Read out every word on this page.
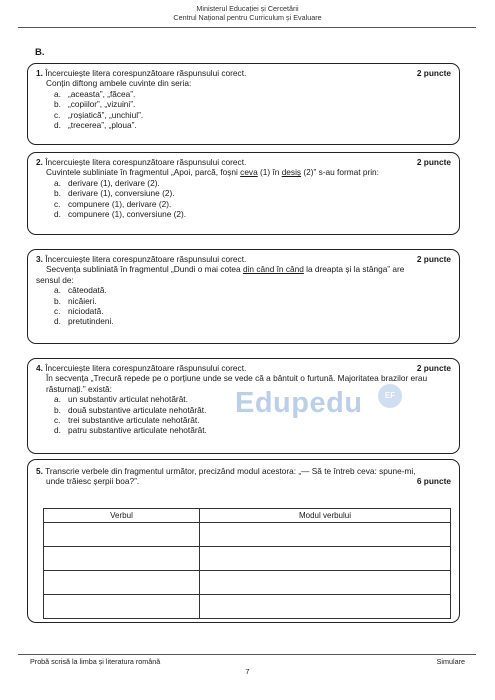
Ministerul Educației și Cercetării
Centrul Național pentru Curriculum și Evaluare
B.
1. Încercuiește litera corespunzătoare răspunsului corect.	2 puncte
Conțin diftong ambele cuvinte din seria:
a. „aceasta”, „făcea”.
b. „copiilor”, „vizuini”.
c. „roșiatică”, „unchiul”.
d. „trecerea”, „ploua”.
2. Încercuiește litera corespunzătoare răspunsului corect.	2 puncte
Cuvintele subliniate în fragmentul „Apoi, parcă, foșni ceva (1) în desiș (2)” s-au format prin:
a. derivare (1), derivare (2).
b. derivare (1), conversiune (2).
c. compunere (1), derivare (2).
d. compunere (1), conversiune (2).
3. Încercuiește litera corespunzătoare răspunsului corect.	2 puncte
Secvența subliniată în fragmentul „Dundi o mai cotea din când în când la dreapta și la stânga” are
sensul de:
a. câteodată.
b. nicăieri.
c. niciodată.
d. pretutindeni.
4. Încercuiește litera corespunzătoare răspunsului corect.	2 puncte
În secvența „Trecură repede pe o porțiune unde se vede că a bântuit o furtună. Majoritatea brazilor erau
răsturnați.” există:
a. un substantiv articulat nehotărât.
b. două substantive articulate nehotărât.
c. trei substantive articulate nehotărât.
d. patru substantive articulate nehotărât.
Edupedu	EF
5. Transcrie verbele din fragmentul următor, precizând modul acestora: „— Să te întreb ceva: spune-mi,
unde trăiesc șerpii boa?”.	6 puncte
Verbul	Modul verbului

Probă scrisă la limba și literatura română	Simulare
7
